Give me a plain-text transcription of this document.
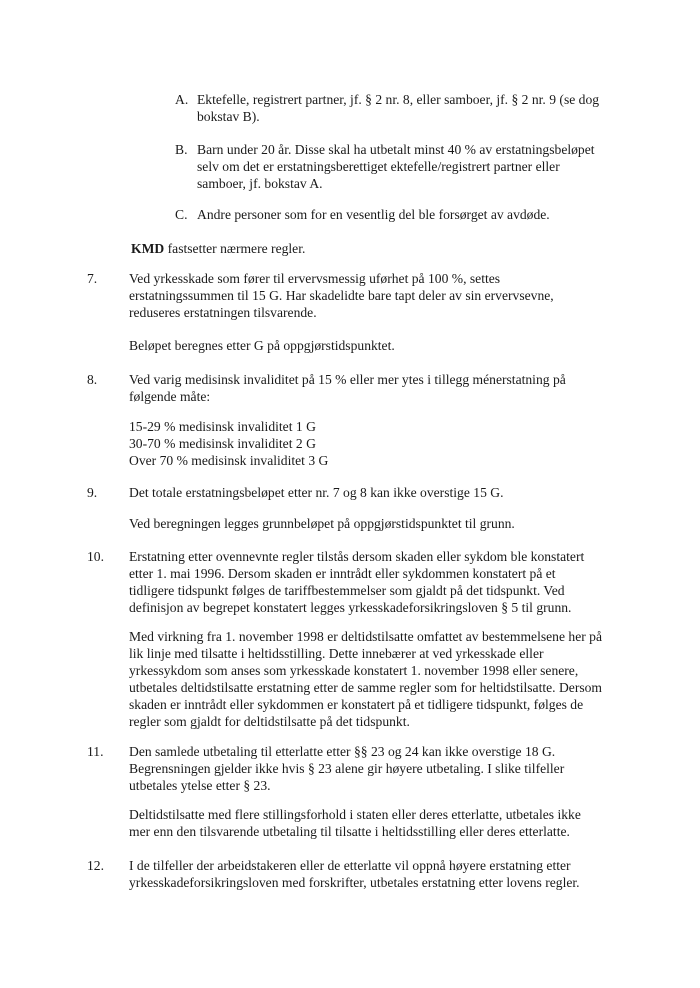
A. Ektefelle, registrert partner, jf. § 2 nr. 8, eller samboer, jf. § 2 nr. 9 (se dog
bokstav B).
B. Barn under 20 år. Disse skal ha utbetalt minst 40 % av erstatningsbeløpet
selv om det er erstatningsberettiget ektefelle/registrert partner eller
samboer, jf. bokstav A.
C. Andre personer som for en vesentlig del ble forsørget av avdøde.
KMD fastsetter nærmere regler.
7. Ved yrkesskade som fører til ervervsmessig uførhet på 100 %, settes
erstatningssummen til 15 G. Har skadelidte bare tapt deler av sin ervervsevne,
reduseres erstatningen tilsvarende.
Beløpet beregnes etter G på oppgjørstidspunktet.
8. Ved varig medisinsk invaliditet på 15 % eller mer ytes i tillegg ménerstatning på
følgende måte:
15-29 % medisinsk invaliditet 1 G
30-70 % medisinsk invaliditet 2 G
Over 70 % medisinsk invaliditet 3 G
9. Det totale erstatningsbeløpet etter nr. 7 og 8 kan ikke overstige 15 G.
Ved beregningen legges grunnbeløpet på oppgjørstidspunktet til grunn.
10. Erstatning etter ovennevnte regler tilstås dersom skaden eller sykdom ble konstatert
etter 1. mai 1996. Dersom skaden er inntrådt eller sykdommen konstatert på et
tidligere tidspunkt følges de tariffbestemmelser som gjaldt på det tidspunkt. Ved
definisjon av begrepet konstatert legges yrkesskadeforsikringsloven § 5 til grunn.
Med virkning fra 1. november 1998 er deltidstilsatte omfattet av bestemmelsene her på
lik linje med tilsatte i heltidsstilling. Dette innebærer at ved yrkesskade eller
yrkessykdom som anses som yrkesskade konstatert 1. november 1998 eller senere,
utbetales deltidstilsatte erstatning etter de samme regler som for heltidstilsatte. Dersom
skaden er inntrådt eller sykdommen er konstatert på et tidligere tidspunkt, følges de
regler som gjaldt for deltidstilsatte på det tidspunkt.
11. Den samlede utbetaling til etterlatte etter §§ 23 og 24 kan ikke overstige 18 G.
Begrensningen gjelder ikke hvis § 23 alene gir høyere utbetaling. I slike tilfeller
utbetales ytelse etter § 23.
Deltidstilsatte med flere stillingsforhold i staten eller deres etterlatte, utbetales ikke
mer enn den tilsvarende utbetaling til tilsatte i heltidsstilling eller deres etterlatte.
12. I de tilfeller der arbeidstakeren eller de etterlatte vil oppnå høyere erstatning etter
yrkesskadeforsikringsloven med forskrifter, utbetales erstatning etter lovens regler.
